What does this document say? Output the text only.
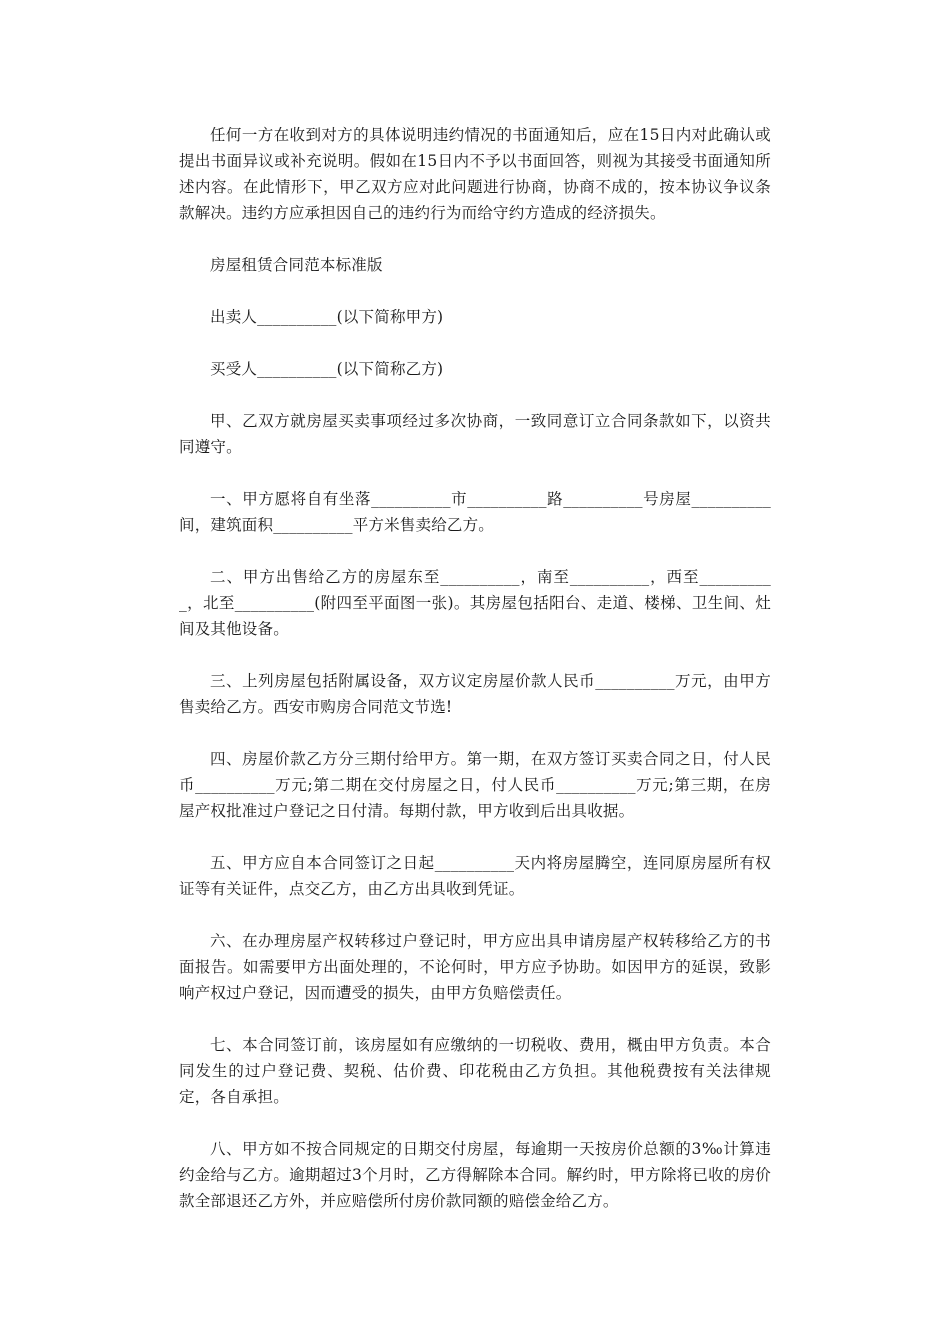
任何一方在收到对方的具体说明违约情况的书面通知后，应在15日内对此确认或提出书面异议或补充说明。假如在15日内不予以书面回答，则视为其接受书面通知所述内容。在此情形下，甲乙双方应对此问题进行协商，协商不成的，按本协议争议条款解决。违约方应承担因自己的违约行为而给守约方造成的经济损失。

房屋租赁合同范本标准版

出卖人__________(以下简称甲方)

买受人__________(以下简称乙方)

甲、乙双方就房屋买卖事项经过多次协商，一致同意订立合同条款如下，以资共同遵守。

一、甲方愿将自有坐落__________市__________路__________号房屋__________间，建筑面积__________平方米售卖给乙方。

二、甲方出售给乙方的房屋东至__________，南至__________，西至__________，北至__________(附四至平面图一张)。其房屋包括阳台、走道、楼梯、卫生间、灶间及其他设备。

三、上列房屋包括附属设备，双方议定房屋价款人民币__________万元，由甲方售卖给乙方。西安市购房合同范文节选!

四、房屋价款乙方分三期付给甲方。第一期，在双方签订买卖合同之日，付人民币__________万元;第二期在交付房屋之日，付人民币__________万元;第三期，在房屋产权批准过户登记之日付清。每期付款，甲方收到后出具收据。

五、甲方应自本合同签订之日起__________天内将房屋腾空，连同原房屋所有权证等有关证件，点交乙方，由乙方出具收到凭证。

六、在办理房屋产权转移过户登记时，甲方应出具申请房屋产权转移给乙方的书面报告。如需要甲方出面处理的，不论何时，甲方应予协助。如因甲方的延误，致影响产权过户登记，因而遭受的损失，由甲方负赔偿责任。

七、本合同签订前，该房屋如有应缴纳的一切税收、费用，概由甲方负责。本合同发生的过户登记费、契税、估价费、印花税由乙方负担。其他税费按有关法律规定，各自承担。

八、甲方如不按合同规定的日期交付房屋，每逾期一天按房价总额的3‰计算违约金给与乙方。逾期超过3个月时，乙方得解除本合同。解约时，甲方除将已收的房价款全部退还乙方外，并应赔偿所付房价款同额的赔偿金给乙方。
